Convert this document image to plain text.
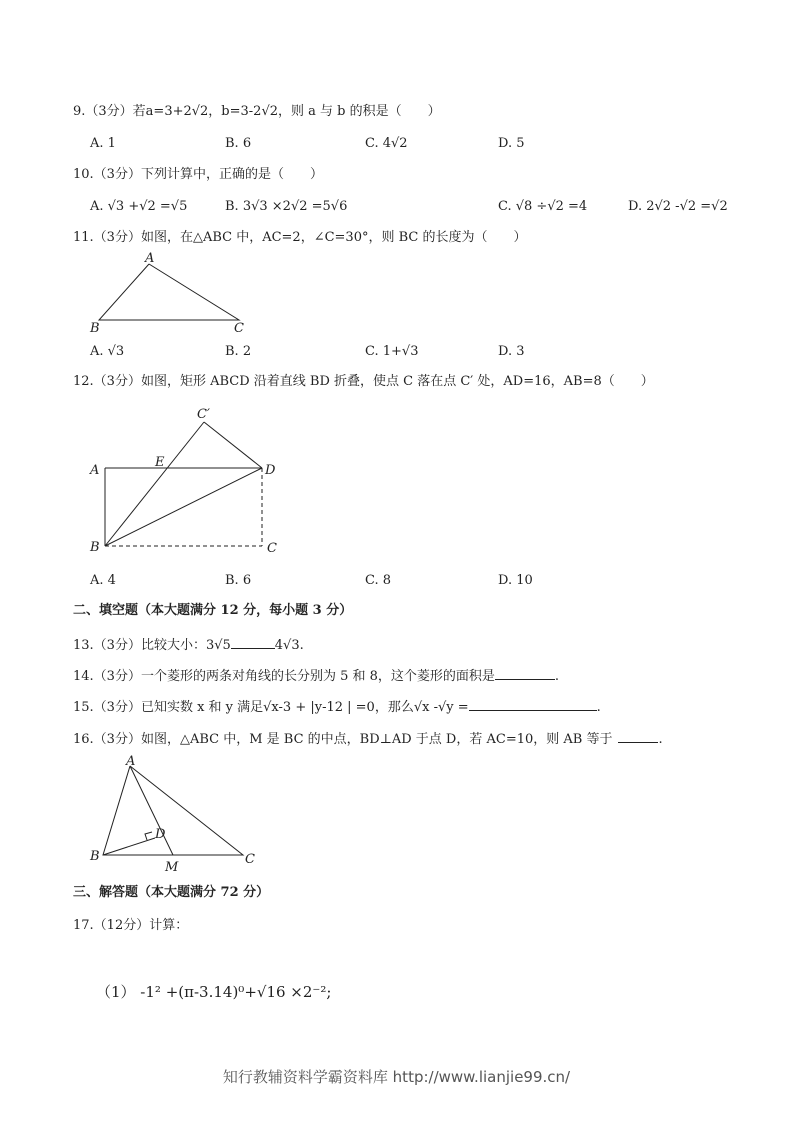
9.（3分）若a=3+2√2，b=3-2√2，则 a 与 b 的积是（　　）
A. 1	B. 6	C. 4√2	D. 5
10.（3分）下列计算中，正确的是（　　）
A. √3 +√2 =√5	B. 3√3 ×2√2 =5√6	C. √8 ÷√2 =4	D. 2√2 -√2 =√2
11.（3分）如图，在△ABC 中，AC=2，∠C=30°，则 BC 的长度为（　　）
A
B	C
A. √3	B. 2	C. 1+√3	D. 3
12.（3分）如图，矩形 ABCD 沿着直线 BD 折叠，使点 C 落在点 C′ 处，AD=16，AB=8（　　）
C′
A
E
D
B	C
A. 4	B. 6	C. 8	D. 10
二、填空题（本大题满分 12 分，每小题 3 分）
13.（3分）比较大小：3√5	4√3.
14.（3分）一个菱形的两条对角线的长分别为 5 和 8，这个菱形的面积是	.
15.（3分）已知实数 x 和 y 满足√x-3 + |y-12 | =0，那么√x -√y =	.
16.（3分）如图，△ABC 中，M 是 BC 的中点，BD⊥AD 于点 D，若 AC=10，则 AB 等于	.
A
D
B
M
C
三、解答题（本大题满分 72 分）
17.（12分）计算：
（1） -1² +(π-3.14)⁰+√16 ×2⁻²;
知行教辅资料学霸资料库 http://www.lianjie99.cn/
